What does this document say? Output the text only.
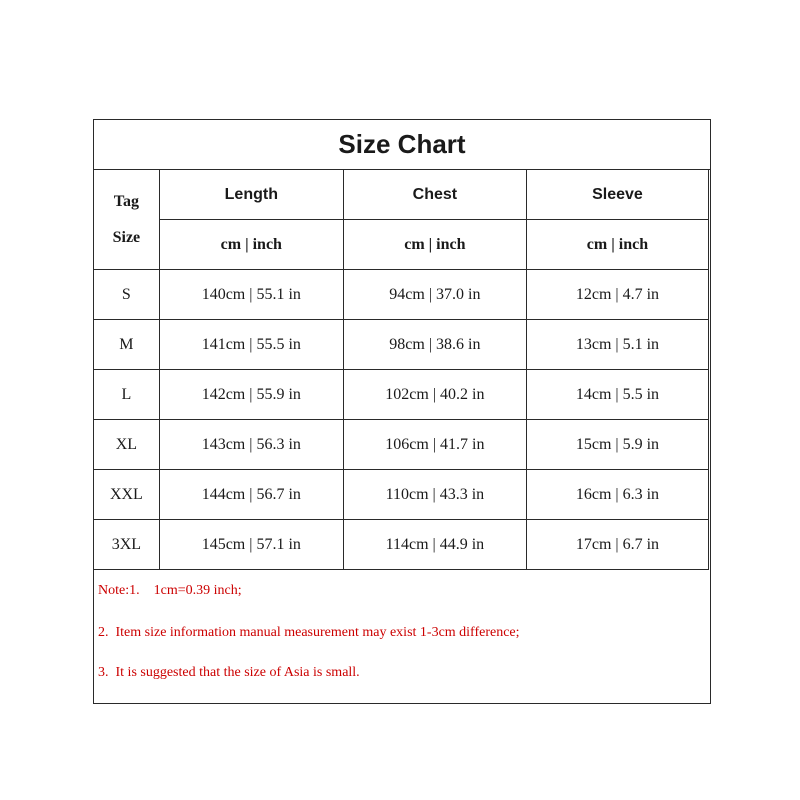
Size Chart
Tag
Size	Length	Chest	Sleeve
	cm | inch	cm | inch	cm | inch
S	140cm | 55.1 in	94cm | 37.0 in	12cm | 4.7 in
M	141cm | 55.5 in	98cm | 38.6 in	13cm | 5.1 in
L	142cm | 55.9 in	102cm | 40.2 in	14cm | 5.5 in
XL	143cm | 56.3 in	106cm | 41.7 in	15cm | 5.9 in
XXL	144cm | 56.7 in	110cm | 43.3 in	16cm | 6.3 in
3XL	145cm | 57.1 in	114cm | 44.9 in	17cm | 6.7 in
Note:1.    1cm=0.39 inch;
2.  Item size information manual measurement may exist 1-3cm difference;
3.  It is suggested that the size of Asia is small.
